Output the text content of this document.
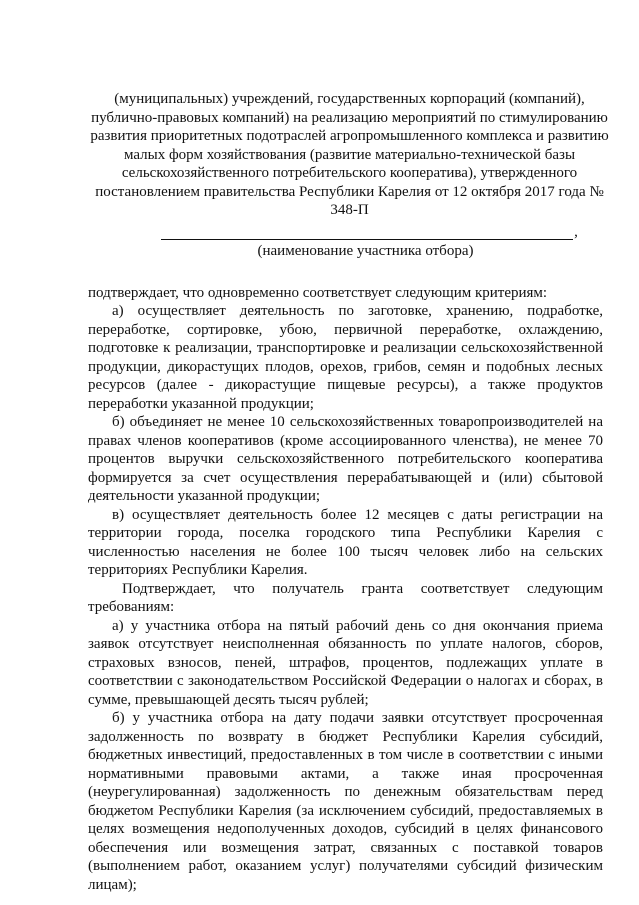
(муниципальных) учреждений, государственных корпораций (компаний), публично-правовых компаний) на реализацию мероприятий по стимулированию развития приоритетных подотраслей агропромышленного комплекса и развитию малых форм хозяйствования (развитие материально-технической базы сельскохозяйственного потребительского кооператива), утвержденного постановлением правительства Республики Карелия от 12 октября 2017 года № 348-П

,
(наименование участника отбора)

подтверждает, что одновременно соответствует следующим критериям:

а) осуществляет деятельность по заготовке, хранению, подработке, переработке, сортировке, убою, первичной переработке, охлаждению, подготовке к реализации, транспортировке и реализации сельскохозяйственной продукции, дикорастущих плодов, орехов, грибов, семян и подобных лесных ресурсов (далее - дикорастущие пищевые ресурсы), а также продуктов переработки указанной продукции;

б) объединяет не менее 10 сельскохозяйственных товаропроизводителей на правах членов кооперативов (кроме ассоциированного членства), не менее 70 процентов выручки сельскохозяйственного потребительского кооператива формируется за счет осуществления перерабатывающей и (или) сбытовой деятельности указанной продукции;

в) осуществляет деятельность более 12 месяцев с даты регистрации на территории города, поселка городского типа Республики Карелия с численностью населения не более 100 тысяч человек либо на сельских территориях Республики Карелия.

Подтверждает, что получатель гранта соответствует следующим требованиям:

а) у участника отбора на пятый рабочий день со дня окончания приема заявок отсутствует неисполненная обязанность по уплате налогов, сборов, страховых взносов, пеней, штрафов, процентов, подлежащих уплате в соответствии с законодательством Российской Федерации о налогах и сборах, в сумме, превышающей десять тысяч рублей;

б) у участника отбора на дату подачи заявки отсутствует просроченная задолженность по возврату в бюджет Республики Карелия субсидий, бюджетных инвестиций, предоставленных в том числе в соответствии с иными нормативными правовыми актами, а также иная просроченная (неурегулированная) задолженность по денежным обязательствам перед бюджетом Республики Карелия (за исключением субсидий, предоставляемых в целях возмещения недополученных доходов, субсидий в целях финансового обеспечения или возмещения затрат, связанных с поставкой товаров (выполнением работ, оказанием услуг) получателями субсидий физическим лицам);
